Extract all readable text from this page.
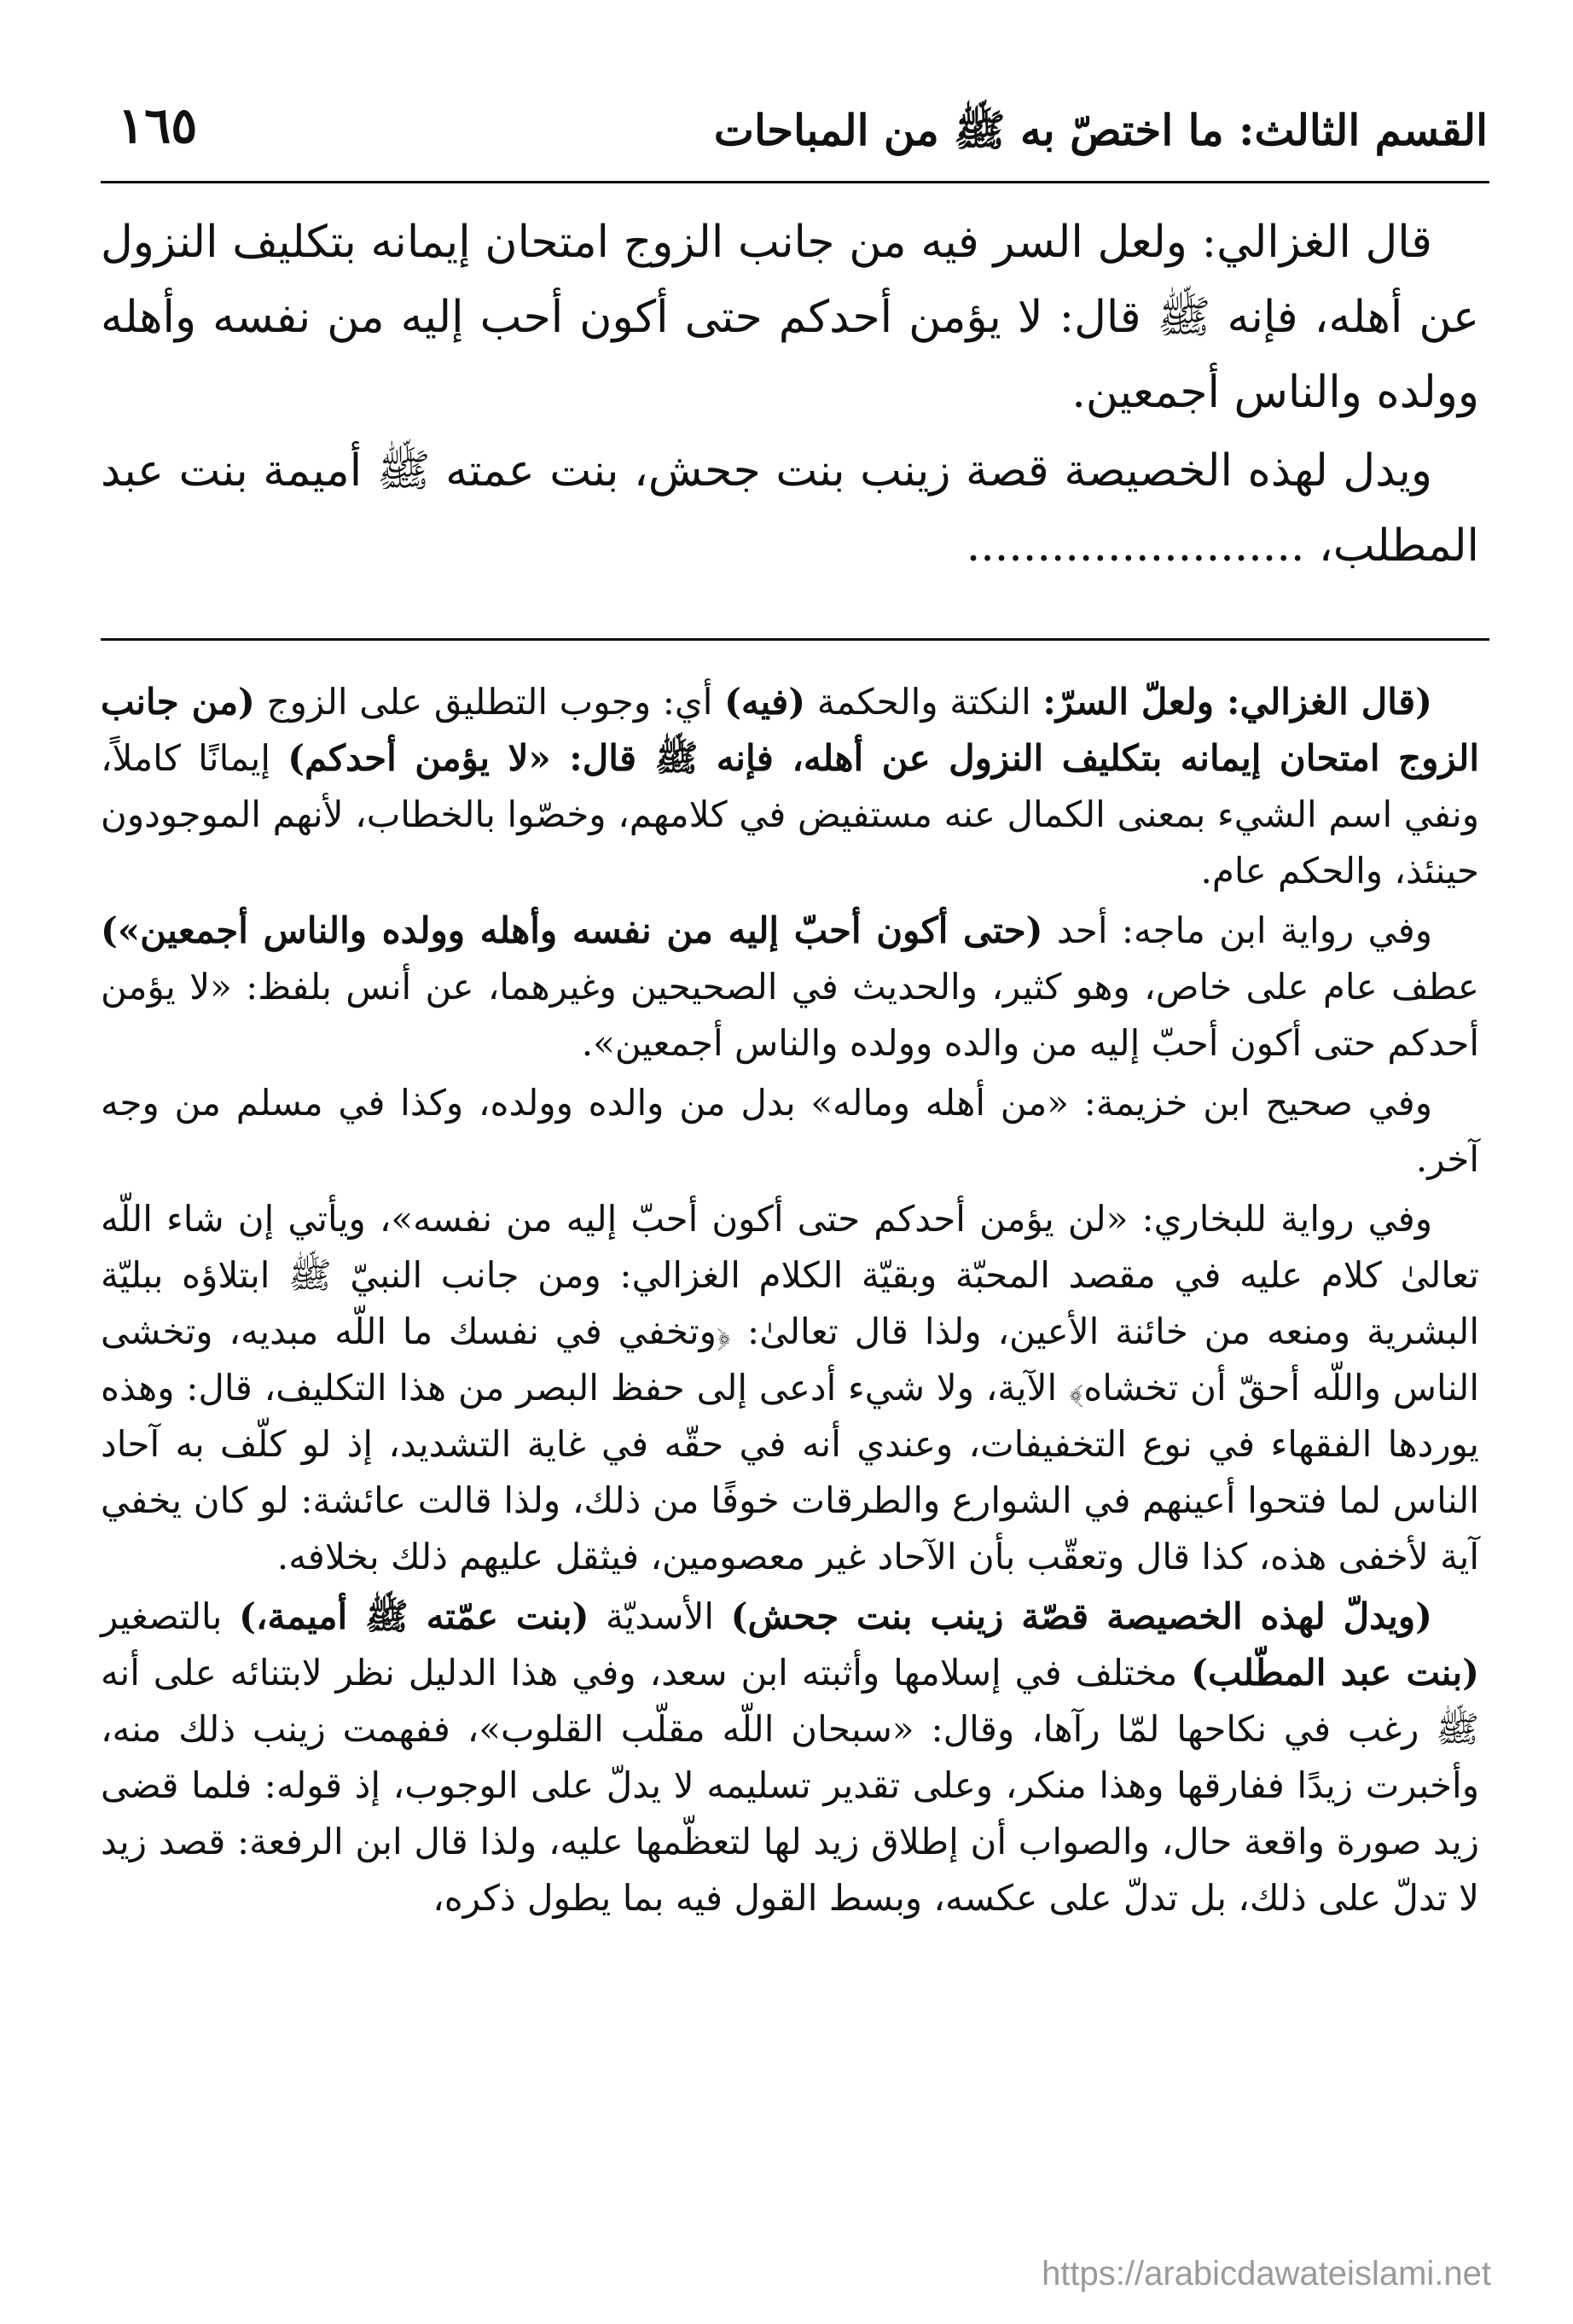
القسم الثالث: ما اختصّ به ﷺ من المباحات
١٦٥

قال الغزالي: ولعل السر فيه من جانب الزوج امتحان إيمانه بتكليف النزول عن أهله، فإنه ﷺ قال: لا يؤمن أحدكم حتى أكون أحب إليه من نفسه وأهله وولده والناس أجمعين.

ويدل لهذه الخصيصة قصة زينب بنت جحش، بنت عمته ﷺ أميمة بنت عبد المطلب، ........................

(قال الغزالي: ولعلّ السرّ: النكتة والحكمة (فيه) أي: وجوب التطليق على الزوج (من جانب الزوج امتحان إيمانه بتكليف النزول عن أهله، فإنه ﷺ قال: «لا يؤمن أحدكم) إيمانًا كاملاً، ونفي اسم الشيء بمعنى الكمال عنه مستفيض في كلامهم، وخصّوا بالخطاب، لأنهم الموجودون حينئذ، والحكم عام.

وفي رواية ابن ماجه: أحد (حتى أكون أحبّ إليه من نفسه وأهله وولده والناس أجمعين») عطف عام على خاص، وهو كثير، والحديث في الصحيحين وغيرهما، عن أنس بلفظ: «لا يؤمن أحدكم حتى أكون أحبّ إليه من والده وولده والناس أجمعين».

وفي صحيح ابن خزيمة: «من أهله وماله» بدل من والده وولده، وكذا في مسلم من وجه آخر.

وفي رواية للبخاري: «لن يؤمن أحدكم حتى أكون أحبّ إليه من نفسه»، ويأتي إن شاء اللّه تعالىٰ كلام عليه في مقصد المحبّة وبقيّة الكلام الغزالي: ومن جانب النبيّ ﷺ ابتلاؤه ببليّة البشرية ومنعه من خائنة الأعين، ولذا قال تعالىٰ: ﴿وتخفي في نفسك ما اللّه مبديه، وتخشى الناس واللّه أحقّ أن تخشاه﴾ الآية، ولا شيء أدعى إلى حفظ البصر من هذا التكليف، قال: وهذه يوردها الفقهاء في نوع التخفيفات، وعندي أنه في حقّه في غاية التشديد، إذ لو كلّف به آحاد الناس لما فتحوا أعينهم في الشوارع والطرقات خوفًا من ذلك، ولذا قالت عائشة: لو كان يخفي آية لأخفى هذه، كذا قال وتعقّب بأن الآحاد غير معصومين، فيثقل عليهم ذلك بخلافه.

(ويدلّ لهذه الخصيصة قصّة زينب بنت جحش) الأسديّة (بنت عمّته ﷺ أميمة،) بالتصغير (بنت عبد المطّلب) مختلف في إسلامها وأثبته ابن سعد، وفي هذا الدليل نظر لابتنائه على أنه ﷺ رغب في نكاحها لمّا رآها، وقال: «سبحان اللّه مقلّب القلوب»، ففهمت زينب ذلك منه، وأخبرت زيدًا ففارقها وهذا منكر، وعلى تقدير تسليمه لا يدلّ على الوجوب، إذ قوله: فلما قضى زيد صورة واقعة حال، والصواب أن إطلاق زيد لها لتعظّمها عليه، ولذا قال ابن الرفعة: قصد زيد لا تدلّ على ذلك، بل تدلّ على عكسه، وبسط القول فيه بما يطول ذكره،

https://arabicdawateislami.net
